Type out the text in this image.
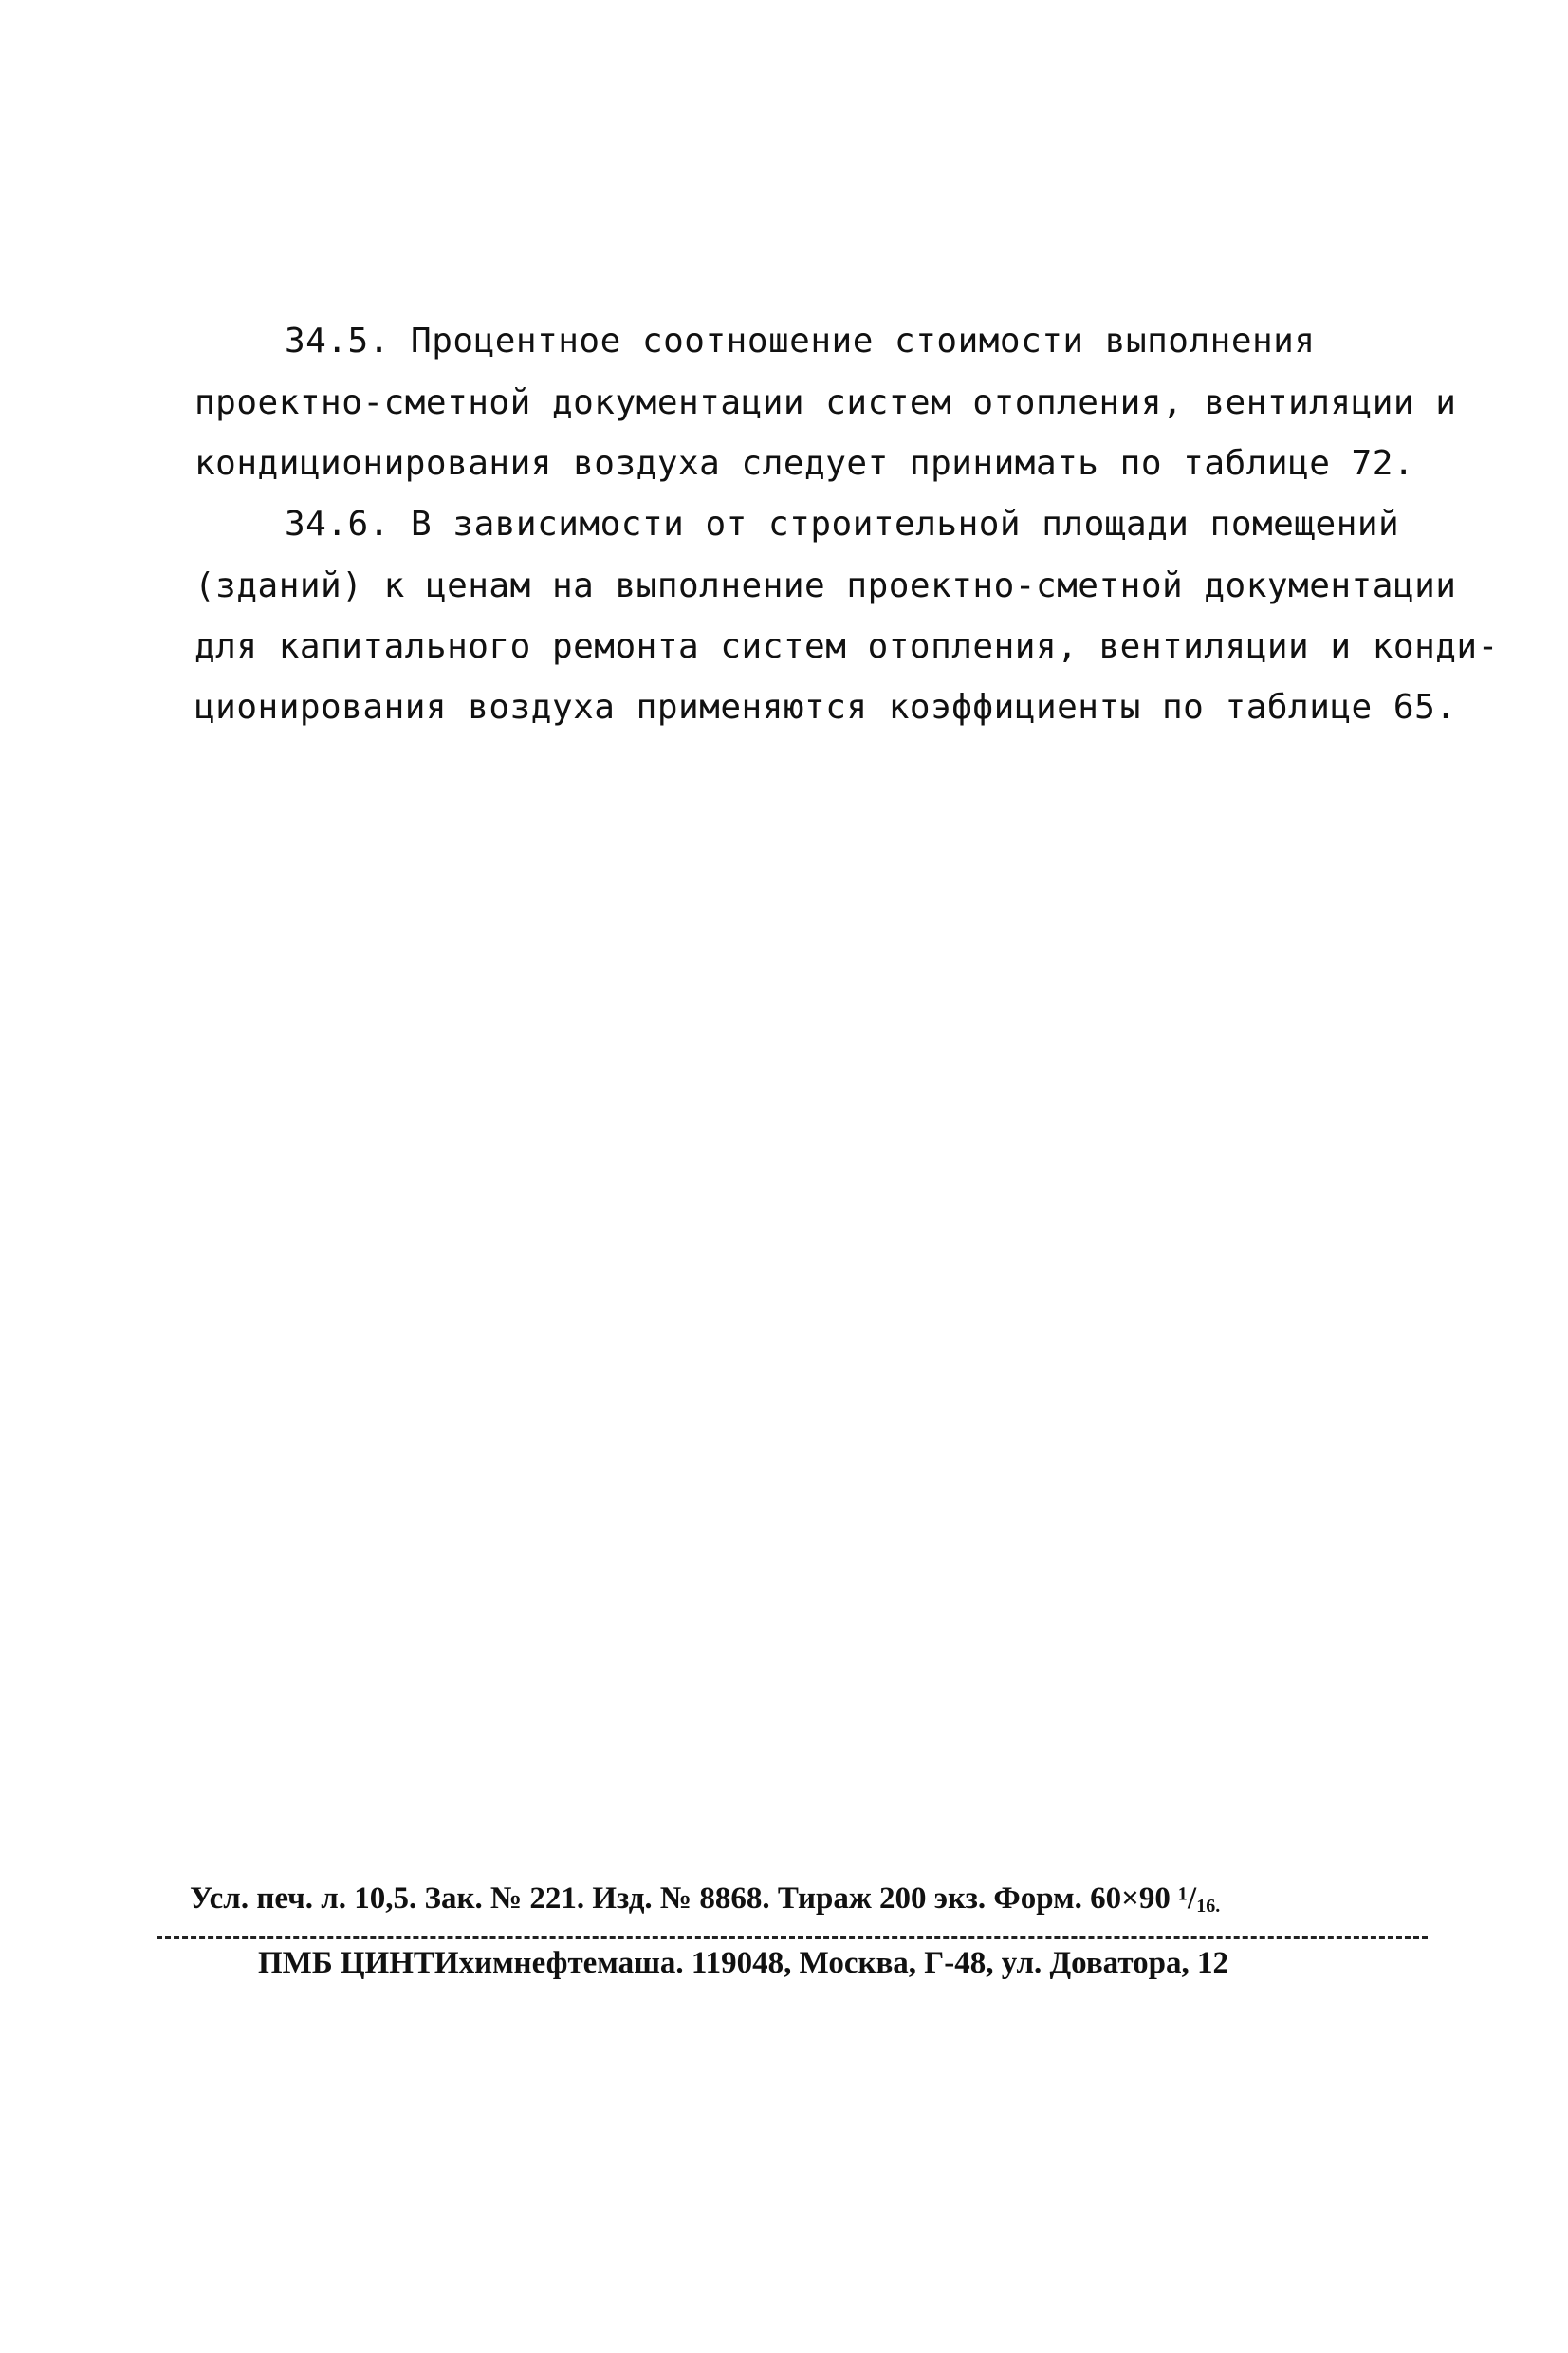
34.5. Процентное соотношение стоимости выполнения
проектно-сметной документации систем отопления, вентиляции и
кондиционирования воздуха следует принимать по таблице 72.
34.6. В зависимости от строительной площади помещений
(зданий) к ценам на выполнение проектно-сметной документации
для капитального ремонта систем отопления, вентиляции и конди-
ционирования воздуха применяются коэффициенты по таблице 65.
Усл. печ. л. 10,5. Зак. № 221. Изд. № 8868. Тираж 200 экз. Форм. 60×90 $^1/_{16.}$
ПМБ ЦИНТИхимнефтемаша. 119048, Москва, Г-48, ул. Доватора, 12
